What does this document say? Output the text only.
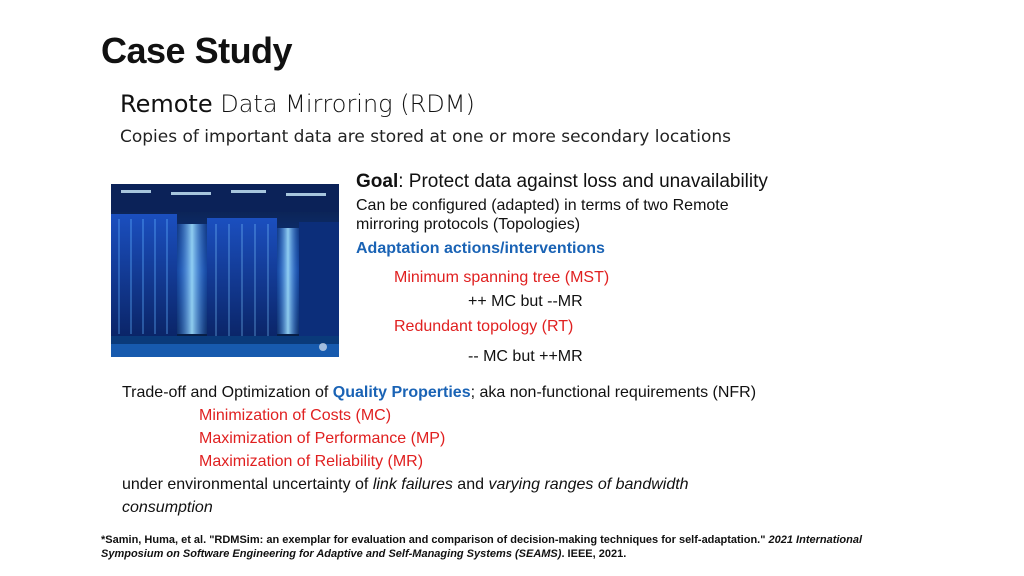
Case Study
Remote Data Mirroring (RDM)
Copies of important data are stored at one or more secondary locations
Goal: Protect data against loss and unavailability
Can be configured (adapted) in terms of two Remote
mirroring protocols (Topologies)
Adaptation actions/interventions
Minimum spanning tree (MST)
++ MC but --MR
Redundant topology (RT)
-- MC but ++MR
Trade-off and Optimization of Quality Properties; aka non-functional requirements (NFR)
Minimization of Costs (MC)
Maximization of Performance (MP)
Maximization of Reliability (MR)
under environmental uncertainty of link failures and varying ranges of bandwidth
consumption
*Samin, Huma, et al. "RDMSim: an exemplar for evaluation and comparison of decision-making techniques for self-adaptation." 2021 International
Symposium on Software Engineering for Adaptive and Self-Managing Systems (SEAMS). IEEE, 2021.
